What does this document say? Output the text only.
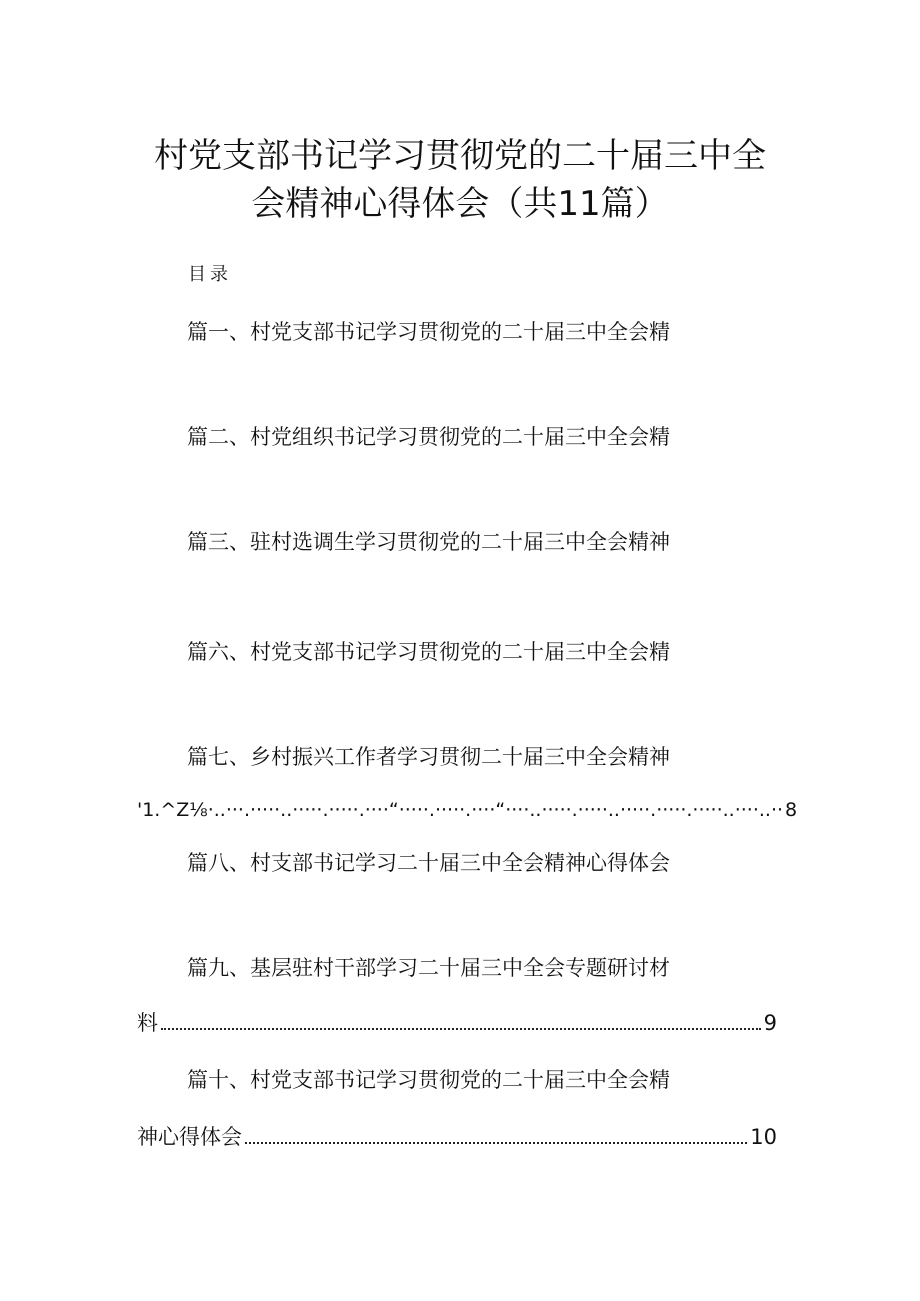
村党支部书记学习贯彻党的二十届三中全
会精神心得体会（共11篇）
目录
篇一、村党支部书记学习贯彻党的二十届三中全会精
篇二、村党组织书记学习贯彻党的二十届三中全会精
篇三、驻村选调生学习贯彻党的二十届三中全会精神
篇六、村党支部书记学习贯彻党的二十届三中全会精
篇七、乡村振兴工作者学习贯彻二十届三中全会精神
'1.^Z⅛·..···.·····..·····.·····.····“·····.·····.····“····..·····.·····..·····.·····.·····..····..·· 8
篇八、村支部书记学习二十届三中全会精神心得体会
篇九、基层驻村干部学习二十届三中全会专题研讨材
料	9
篇十、村党支部书记学习贯彻党的二十届三中全会精
神心得体会	10
